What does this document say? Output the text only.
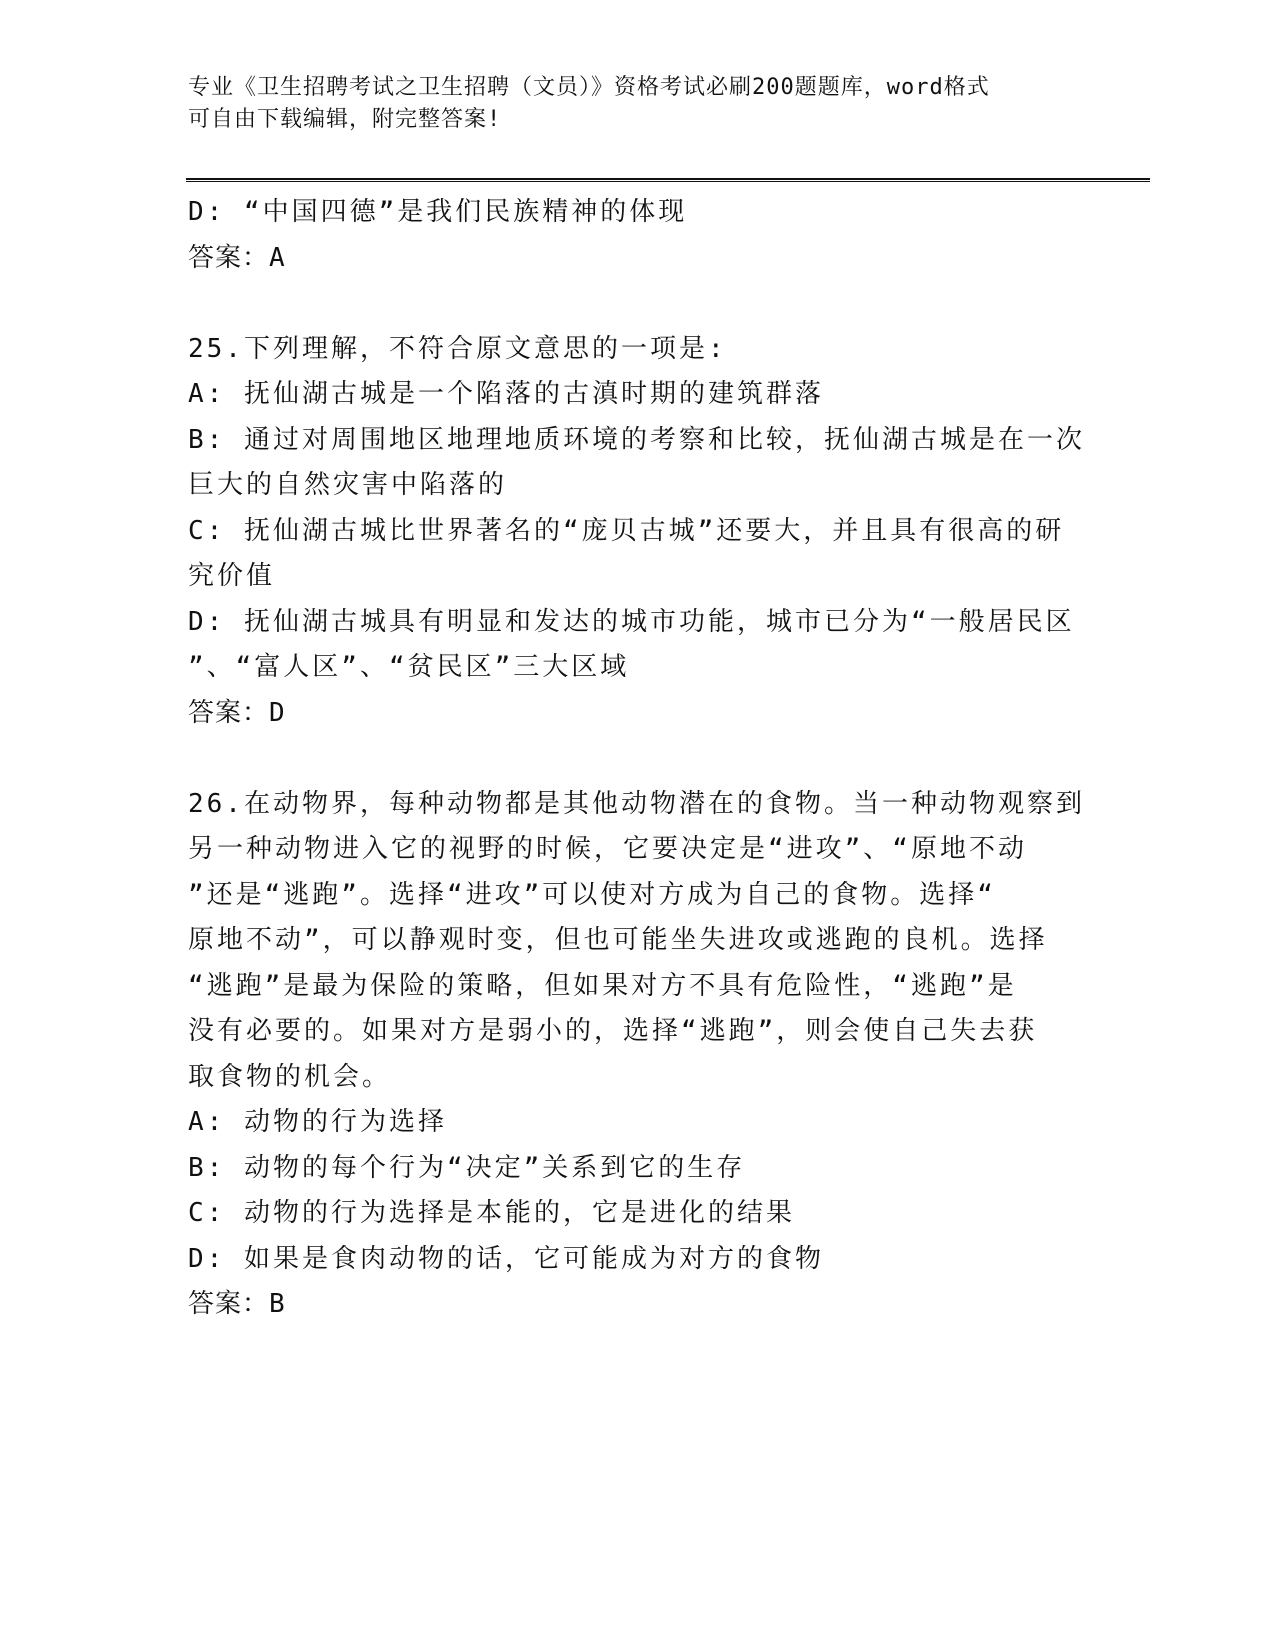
专业《卫生招聘考试之卫生招聘（文员）》资格考试必刷200题题库，word格式
可自由下载编辑，附完整答案!
D: “中国四德”是我们民族精神的体现
答案：A
25.下列理解，不符合原文意思的一项是:
A: 抚仙湖古城是一个陷落的古滇时期的建筑群落
B: 通过对周围地区地理地质环境的考察和比较，抚仙湖古城是在一次
巨大的自然灾害中陷落的
C: 抚仙湖古城比世界著名的“庞贝古城”还要大，并且具有很高的研
究价值
D: 抚仙湖古城具有明显和发达的城市功能，城市已分为“一般居民区
”、“富人区”、“贫民区”三大区域
答案：D
26.在动物界，每种动物都是其他动物潜在的食物。当一种动物观察到
另一种动物进入它的视野的时候，它要决定是“进攻”、“原地不动
”还是“逃跑”。选择“进攻”可以使对方成为自己的食物。选择“
原地不动”，可以静观时变，但也可能坐失进攻或逃跑的良机。选择
“逃跑”是最为保险的策略，但如果对方不具有危险性，“逃跑”是
没有必要的。如果对方是弱小的，选择“逃跑”，则会使自己失去获
取食物的机会。
A: 动物的行为选择
B: 动物的每个行为“决定”关系到它的生存
C: 动物的行为选择是本能的，它是进化的结果
D: 如果是食肉动物的话，它可能成为对方的食物
答案：B
